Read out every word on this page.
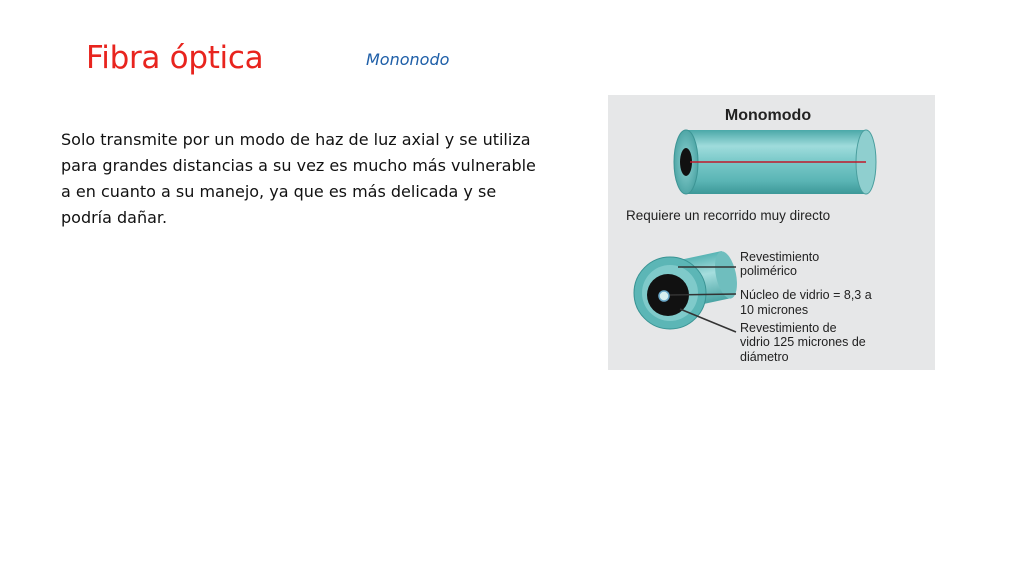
Fibra óptica	Mononodo
Solo transmite por un modo de haz de luz axial y se utiliza para grandes distancias a su vez es mucho más vulnerable a en cuanto a su manejo, ya que es más delicada y se podría dañar.
Monomodo
Requiere un recorrido muy directo
Revestimiento polimérico
Núcleo de vidrio = 8,3 a 10 micrones
Revestimiento de vidrio 125 micrones de diámetro
